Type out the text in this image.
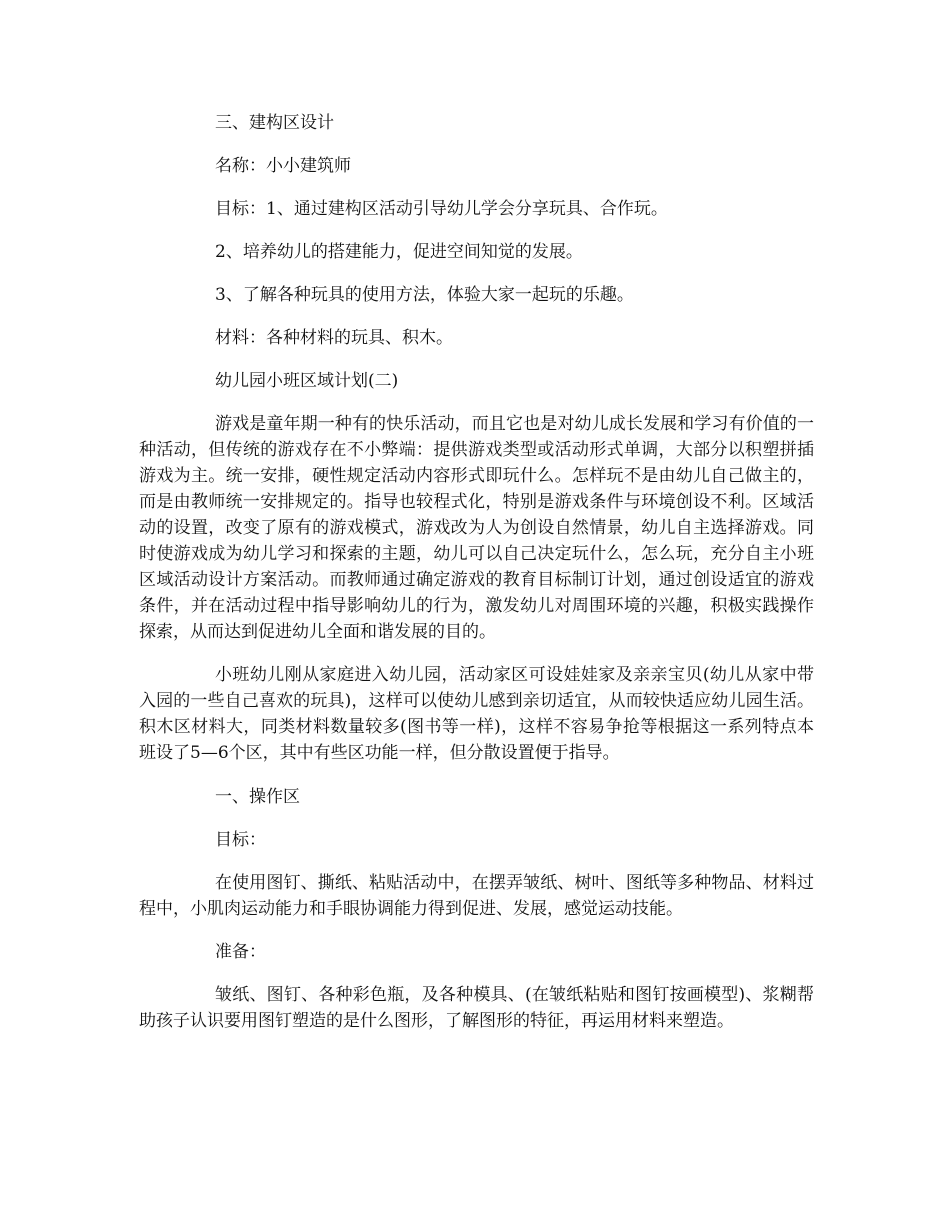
三、建构区设计

名称：小小建筑师

目标：1、通过建构区活动引导幼儿学会分享玩具、合作玩。

2、培养幼儿的搭建能力，促进空间知觉的发展。

3、了解各种玩具的使用方法，体验大家一起玩的乐趣。

材料：各种材料的玩具、积木。

幼儿园小班区域计划(二)

游戏是童年期一种有的快乐活动，而且它也是对幼儿成长发展和学习有价值的一种活动，但传统的游戏存在不小弊端：提供游戏类型或活动形式单调，大部分以积塑拼插游戏为主。统一安排，硬性规定活动内容形式即玩什么。怎样玩不是由幼儿自己做主的，而是由教师统一安排规定的。指导也较程式化，特别是游戏条件与环境创设不利。区域活动的设置，改变了原有的游戏模式，游戏改为人为创设自然情景，幼儿自主选择游戏。同时使游戏成为幼儿学习和探索的主题，幼儿可以自己决定玩什么，怎么玩，充分自主小班区域活动设计方案活动。而教师通过确定游戏的教育目标制订计划，通过创设适宜的游戏条件，并在活动过程中指导影响幼儿的行为，激发幼儿对周围环境的兴趣，积极实践操作探索，从而达到促进幼儿全面和谐发展的目的。

小班幼儿刚从家庭进入幼儿园，活动家区可设娃娃家及亲亲宝贝(幼儿从家中带入园的一些自己喜欢的玩具)，这样可以使幼儿感到亲切适宜，从而较快适应幼儿园生活。积木区材料大，同类材料数量较多(图书等一样)，这样不容易争抢等根据这一系列特点本班设了5—6个区，其中有些区功能一样，但分散设置便于指导。

一、操作区

目标：

在使用图钉、撕纸、粘贴活动中，在摆弄皱纸、树叶、图纸等多种物品、材料过程中，小肌肉运动能力和手眼协调能力得到促进、发展，感觉运动技能。

准备：

皱纸、图钉、各种彩色瓶，及各种模具、(在皱纸粘贴和图钉按画模型)、浆糊帮助孩子认识要用图钉塑造的是什么图形，了解图形的特征，再运用材料来塑造。
